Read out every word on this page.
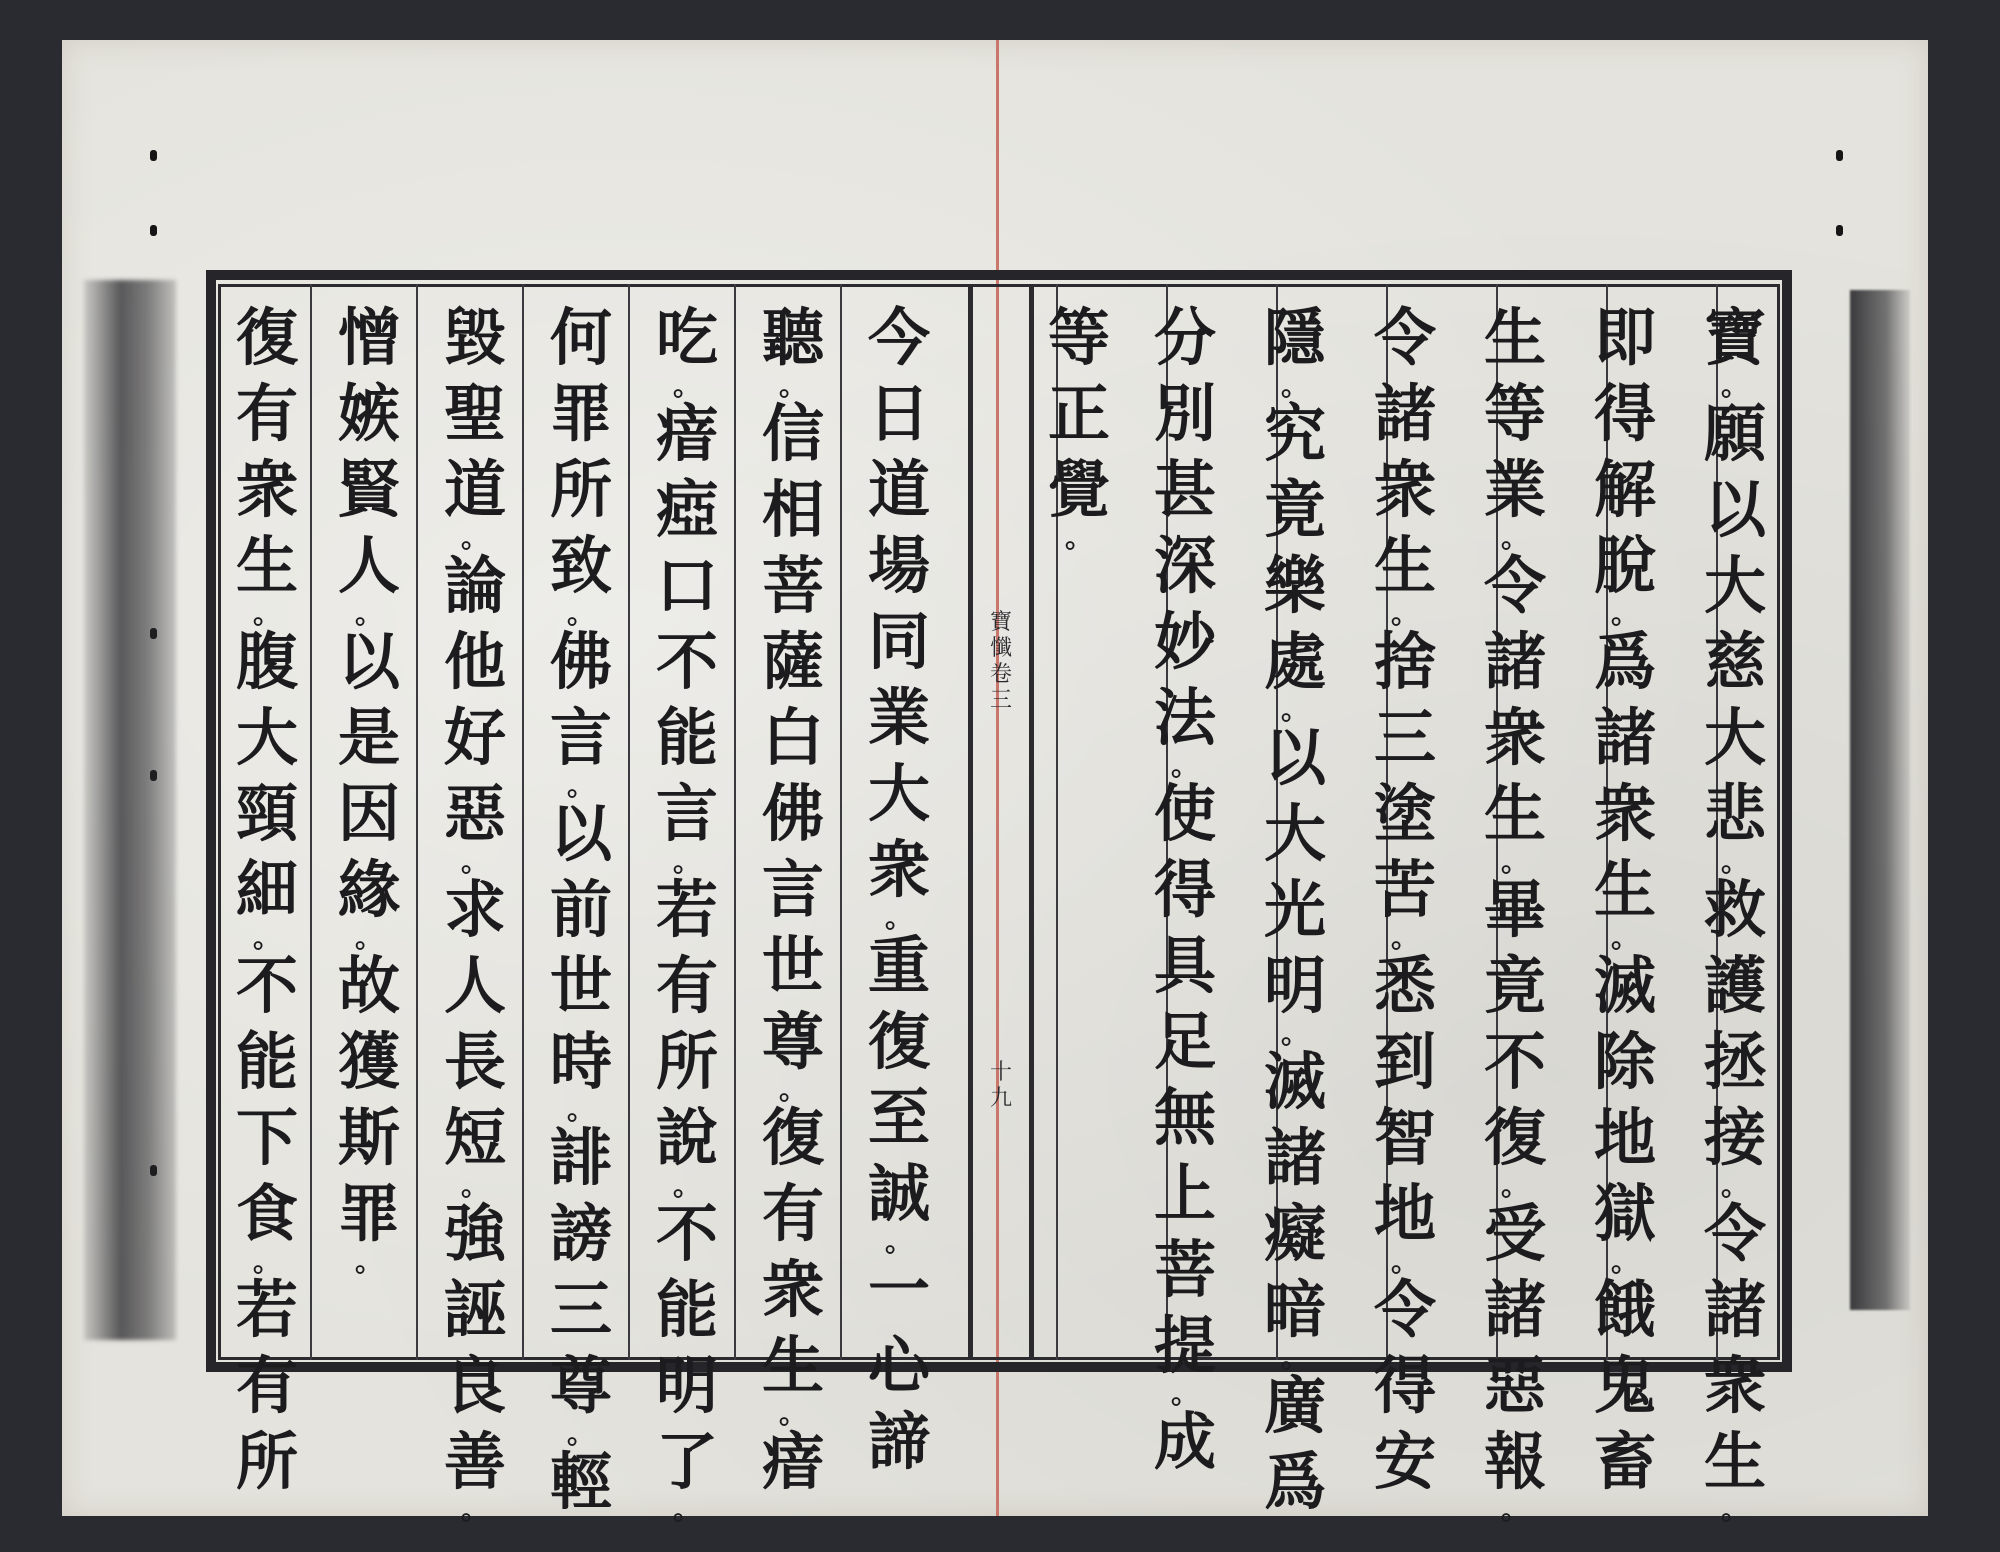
寶
。
願
以
大
慈
大
悲
。
救
護
拯
接
。
令
諸
衆
生
。
即
得
解
脫
。
爲
諸
衆
生
。
滅
除
地
獄
。
餓
鬼
畜
生
等
業
。
令
諸
衆
生
。
畢
竟
不
復
。
受
諸
惡
報
。
令
諸
衆
生
。
捨
三
塗
苦
。
悉
到
智
地
。
令
得
安
隱
。
究
竟
樂
處
。
以
大
光
明
。
滅
諸
癡
暗
。
廣
爲
分
別
甚
深
妙
法
。
使
得
具
足
無
上
菩
提
。
成
等
正
覺
。
今
日
道
場
同
業
大
衆
。
重
復
至
誠
。
一
心
諦
聽
。
信
相
菩
薩
白
佛
言
世
尊
。
復
有
衆
生
。
瘖
吃
。
瘖
瘂
口
不
能
言
。
若
有
所
說
。
不
能
明
了
。
何
罪
所
致
。
佛
言
。
以
前
世
時
。
誹
謗
三
尊
。
輕
毀
聖
道
。
論
他
好
惡
。
求
人
長
短
。
強
誣
良
善
。
憎
嫉
賢
人
。
以
是
因
緣
。
故
獲
斯
罪
。
復
有
衆
生
。
腹
大
頸
細
。
不
能
下
食
。
若
有
所
寶
懺
卷
三
十
九
